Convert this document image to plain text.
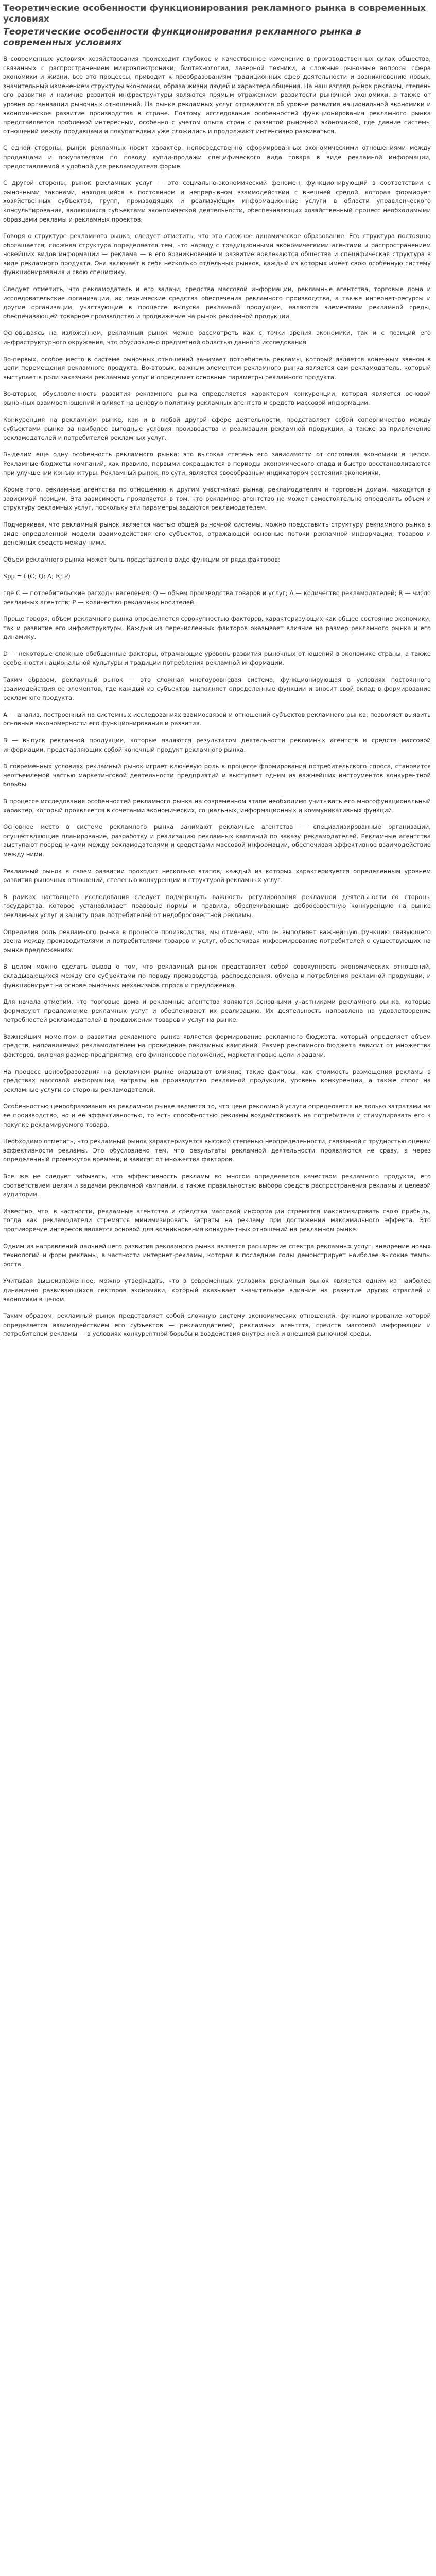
Теоретические особенности функционирования рекламного рынка в современных условиях
Теоретические особенности функционирования рекламного рынка в современных условиях

В современных условиях хозяйствования происходит глубокое и качественное изменение в производственных силах общества, связанных с распространением микроэлектроники, биотехнологии, лазерной техники, а сложные рыночные вопросы сфера экономики и жизни, все это процессы, приводит к преобразованиям традиционных сфер деятельности и возникновению новых, значительный изменением структуры экономики, образа жизни людей и характера общения. На наш взгляд рынок рекламы, степень его развития и наличие развитой инфраструктуры являются прямым отражением развитости рыночной экономики, а также от уровня организации рыночных отношений. На рынке рекламных услуг отражаются об уровне развития национальной экономики и экономическое развитие производства в стране. Поэтому исследование особенностей функционирования рекламного рынка представляется проблемой интересным, особенно с учетом опыта стран с развитой рыночной экономикой, где давние системы отношений между продавцами и покупателями уже сложились и продолжают интенсивно развиваться.

С одной стороны, рынок рекламных носит характер, непосредственно сформированных экономическими отношениями между продавцами и покупателями по поводу купли-продажи специфического вида товара в виде рекламной информации, предоставляемой в удобной для рекламодателя форме.

С другой стороны, рынок рекламных услуг — это социально-экономический феномен, функционирующий в соответствии с рыночными законами, находящийся в постоянном и непрерывном взаимодействии с внешней средой, которая формирует хозяйственных субъектов, групп, производящих и реализующих информационные услуги в области управленческого консультирования, являющихся субъектами экономической деятельности, обеспечивающих хозяйственный процесс необходимыми образцами рекламы и рекламных проектов.

Говоря о структуре рекламного рынка, следует отметить, что это сложное динамическое образование. Его структура постоянно обогащается, сложная структура определяется тем, что наряду с традиционными экономическими агентами и распространением новейших видов информации — реклама — в его возникновение и развитие вовлекаются общества и специфическая структура в виде рекламного продукта. Она включает в себя несколько отдельных рынков, каждый из которых имеет свою особенную систему функционирования и свою специфику.

Следует отметить, что рекламодатель и его задачи, средства массовой информации, рекламные агентства, торговые дома и исследовательские организации, их технические средства обеспечения рекламного производства, а также интернет-ресурсы и другие организации, участвующие в процессе выпуска рекламной продукции, являются элементами рекламной среды, обеспечивающей товарное производство и продвижение на рынок рекламной продукции.

Основываясь на изложенном, рекламный рынок можно рассмотреть как с точки зрения экономики, так и с позиций его инфраструктурного окружения, что обусловлено предметной областью данного исследования.

Во-первых, особое место в системе рыночных отношений занимает потребитель рекламы, который является конечным звеном в цепи перемещения рекламного продукта. Во-вторых, важным элементом рекламного рынка является сам рекламодатель, который выступает в роли заказчика рекламных услуг и определяет основные параметры рекламного продукта.

Во-вторых, обусловленность развития рекламного рынка определяется характером конкуренции, которая является основой рыночных взаимоотношений и влияет на ценовую политику рекламных агентств и средств массовой информации.

Конкуренция на рекламном рынке, как и в любой другой сфере деятельности, представляет собой соперничество между субъектами рынка за наиболее выгодные условия производства и реализации рекламной продукции, а также за привлечение рекламодателей и потребителей рекламных услуг.

Выделим еще одну особенность рекламного рынка: это высокая степень его зависимости от состояния экономики в целом. Рекламные бюджеты компаний, как правило, первыми сокращаются в периоды экономического спада и быстро восстанавливаются при улучшении конъюнктуры. Рекламный рынок, по сути, является своеобразным индикатором состояния экономики.

Кроме того, рекламные агентства по отношению к другим участникам рынка, рекламодателям и торговым домам, находятся в зависимой позиции. Эта зависимость проявляется в том, что рекламное агентство не может самостоятельно определять объем и структуру рекламных услуг, поскольку эти параметры задаются рекламодателем.

Подчеркивая, что рекламный рынок является частью общей рыночной системы, можно представить структуру рекламного рынка в виде определенной модели взаимодействия его субъектов, отражающей основные потоки рекламной информации, товаров и денежных средств между ними.

Объем рекламного рынка может быть представлен в виде функции от ряда факторов:

Sрр = f (C; Q; A; R; P)

где С — потребительские расходы населения; Q — объем производства товаров и услуг; А — количество рекламодателей; R — число рекламных агентств; Р — количество рекламных носителей.

Проще говоря, объем рекламного рынка определяется совокупностью факторов, характеризующих как общее состояние экономики, так и развитие его инфраструктуры. Каждый из перечисленных факторов оказывает влияние на размер рекламного рынка и его динамику.

D — некоторые сложные обобщенные факторы, отражающие уровень развития рыночных отношений в экономике страны, а также особенности национальной культуры и традиции потребления рекламной информации.

Таким образом, рекламный рынок — это сложная многоуровневая система, функционирующая в условиях постоянного взаимодействия ее элементов, где каждый из субъектов выполняет определенные функции и вносит свой вклад в формирование рекламного продукта.

А — анализ, построенный на системных исследованиях взаимосвязей и отношений субъектов рекламного рынка, позволяет выявить основные закономерности его функционирования и развития.

В — выпуск рекламной продукции, которые являются результатом деятельности рекламных агентств и средств массовой информации, представляющих собой конечный продукт рекламного рынка.

В современных условиях рекламный рынок играет ключевую роль в процессе формирования потребительского спроса, становится неотъемлемой частью маркетинговой деятельности предприятий и выступает одним из важнейших инструментов конкурентной борьбы.

В процессе исследования особенностей рекламного рынка на современном этапе необходимо учитывать его многофункциональный характер, который проявляется в сочетании экономических, социальных, информационных и коммуникативных функций.

Основное место в системе рекламного рынка занимают рекламные агентства — специализированные организации, осуществляющие планирование, разработку и реализацию рекламных кампаний по заказу рекламодателей. Рекламные агентства выступают посредниками между рекламодателями и средствами массовой информации, обеспечивая эффективное взаимодействие между ними.

Рекламный рынок в своем развитии проходит несколько этапов, каждый из которых характеризуется определенным уровнем развития рыночных отношений, степенью конкуренции и структурой рекламных услуг.

В рамках настоящего исследования следует подчеркнуть важность регулирования рекламной деятельности со стороны государства, которое устанавливает правовые нормы и правила, обеспечивающие добросовестную конкуренцию на рынке рекламных услуг и защиту прав потребителей от недобросовестной рекламы.

Определив роль рекламного рынка в процессе производства, мы отмечаем, что он выполняет важнейшую функцию связующего звена между производителями и потребителями товаров и услуг, обеспечивая информирование потребителей о существующих на рынке предложениях.

В целом можно сделать вывод о том, что рекламный рынок представляет собой совокупность экономических отношений, складывающихся между его субъектами по поводу производства, распределения, обмена и потребления рекламной продукции, и функционирует на основе рыночных механизмов спроса и предложения.

Для начала отметим, что торговые дома и рекламные агентства являются основными участниками рекламного рынка, которые формируют предложение рекламных услуг и обеспечивают их реализацию. Их деятельность направлена на удовлетворение потребностей рекламодателей в продвижении товаров и услуг на рынке.

Важнейшим моментом в развитии рекламного рынка является формирование рекламного бюджета, который определяет объем средств, направляемых рекламодателем на проведение рекламных кампаний. Размер рекламного бюджета зависит от множества факторов, включая размер предприятия, его финансовое положение, маркетинговые цели и задачи.

На процесс ценообразования на рекламном рынке оказывают влияние такие факторы, как стоимость размещения рекламы в средствах массовой информации, затраты на производство рекламной продукции, уровень конкуренции, а также спрос на рекламные услуги со стороны рекламодателей.

Особенностью ценообразования на рекламном рынке является то, что цена рекламной услуги определяется не только затратами на ее производство, но и ее эффективностью, то есть способностью рекламы воздействовать на потребителя и стимулировать его к покупке рекламируемого товара.

Необходимо отметить, что рекламный рынок характеризуется высокой степенью неопределенности, связанной с трудностью оценки эффективности рекламы. Это обусловлено тем, что результаты рекламной деятельности проявляются не сразу, а через определенный промежуток времени, и зависят от множества факторов.

Все же не следует забывать, что эффективность рекламы во многом определяется качеством рекламного продукта, его соответствием целям и задачам рекламной кампании, а также правильностью выбора средств распространения рекламы и целевой аудитории.

Известно, что, в частности, рекламные агентства и средства массовой информации стремятся максимизировать свою прибыль, тогда как рекламодатели стремятся минимизировать затраты на рекламу при достижении максимального эффекта. Это противоречие интересов является основой для возникновения конкурентных отношений на рекламном рынке.

Одним из направлений дальнейшего развития рекламного рынка является расширение спектра рекламных услуг, внедрение новых технологий и форм рекламы, в частности интернет-рекламы, которая в последние годы демонстрирует наиболее высокие темпы роста.

Учитывая вышеизложенное, можно утверждать, что в современных условиях рекламный рынок является одним из наиболее динамично развивающихся секторов экономики, который оказывает значительное влияние на развитие других отраслей и экономики в целом.

Таким образом, рекламный рынок представляет собой сложную систему экономических отношений, функционирование которой определяется взаимодействием его субъектов — рекламодателей, рекламных агентств, средств массовой информации и потребителей рекламы — в условиях конкурентной борьбы и воздействия внутренней и внешней рыночной среды.
